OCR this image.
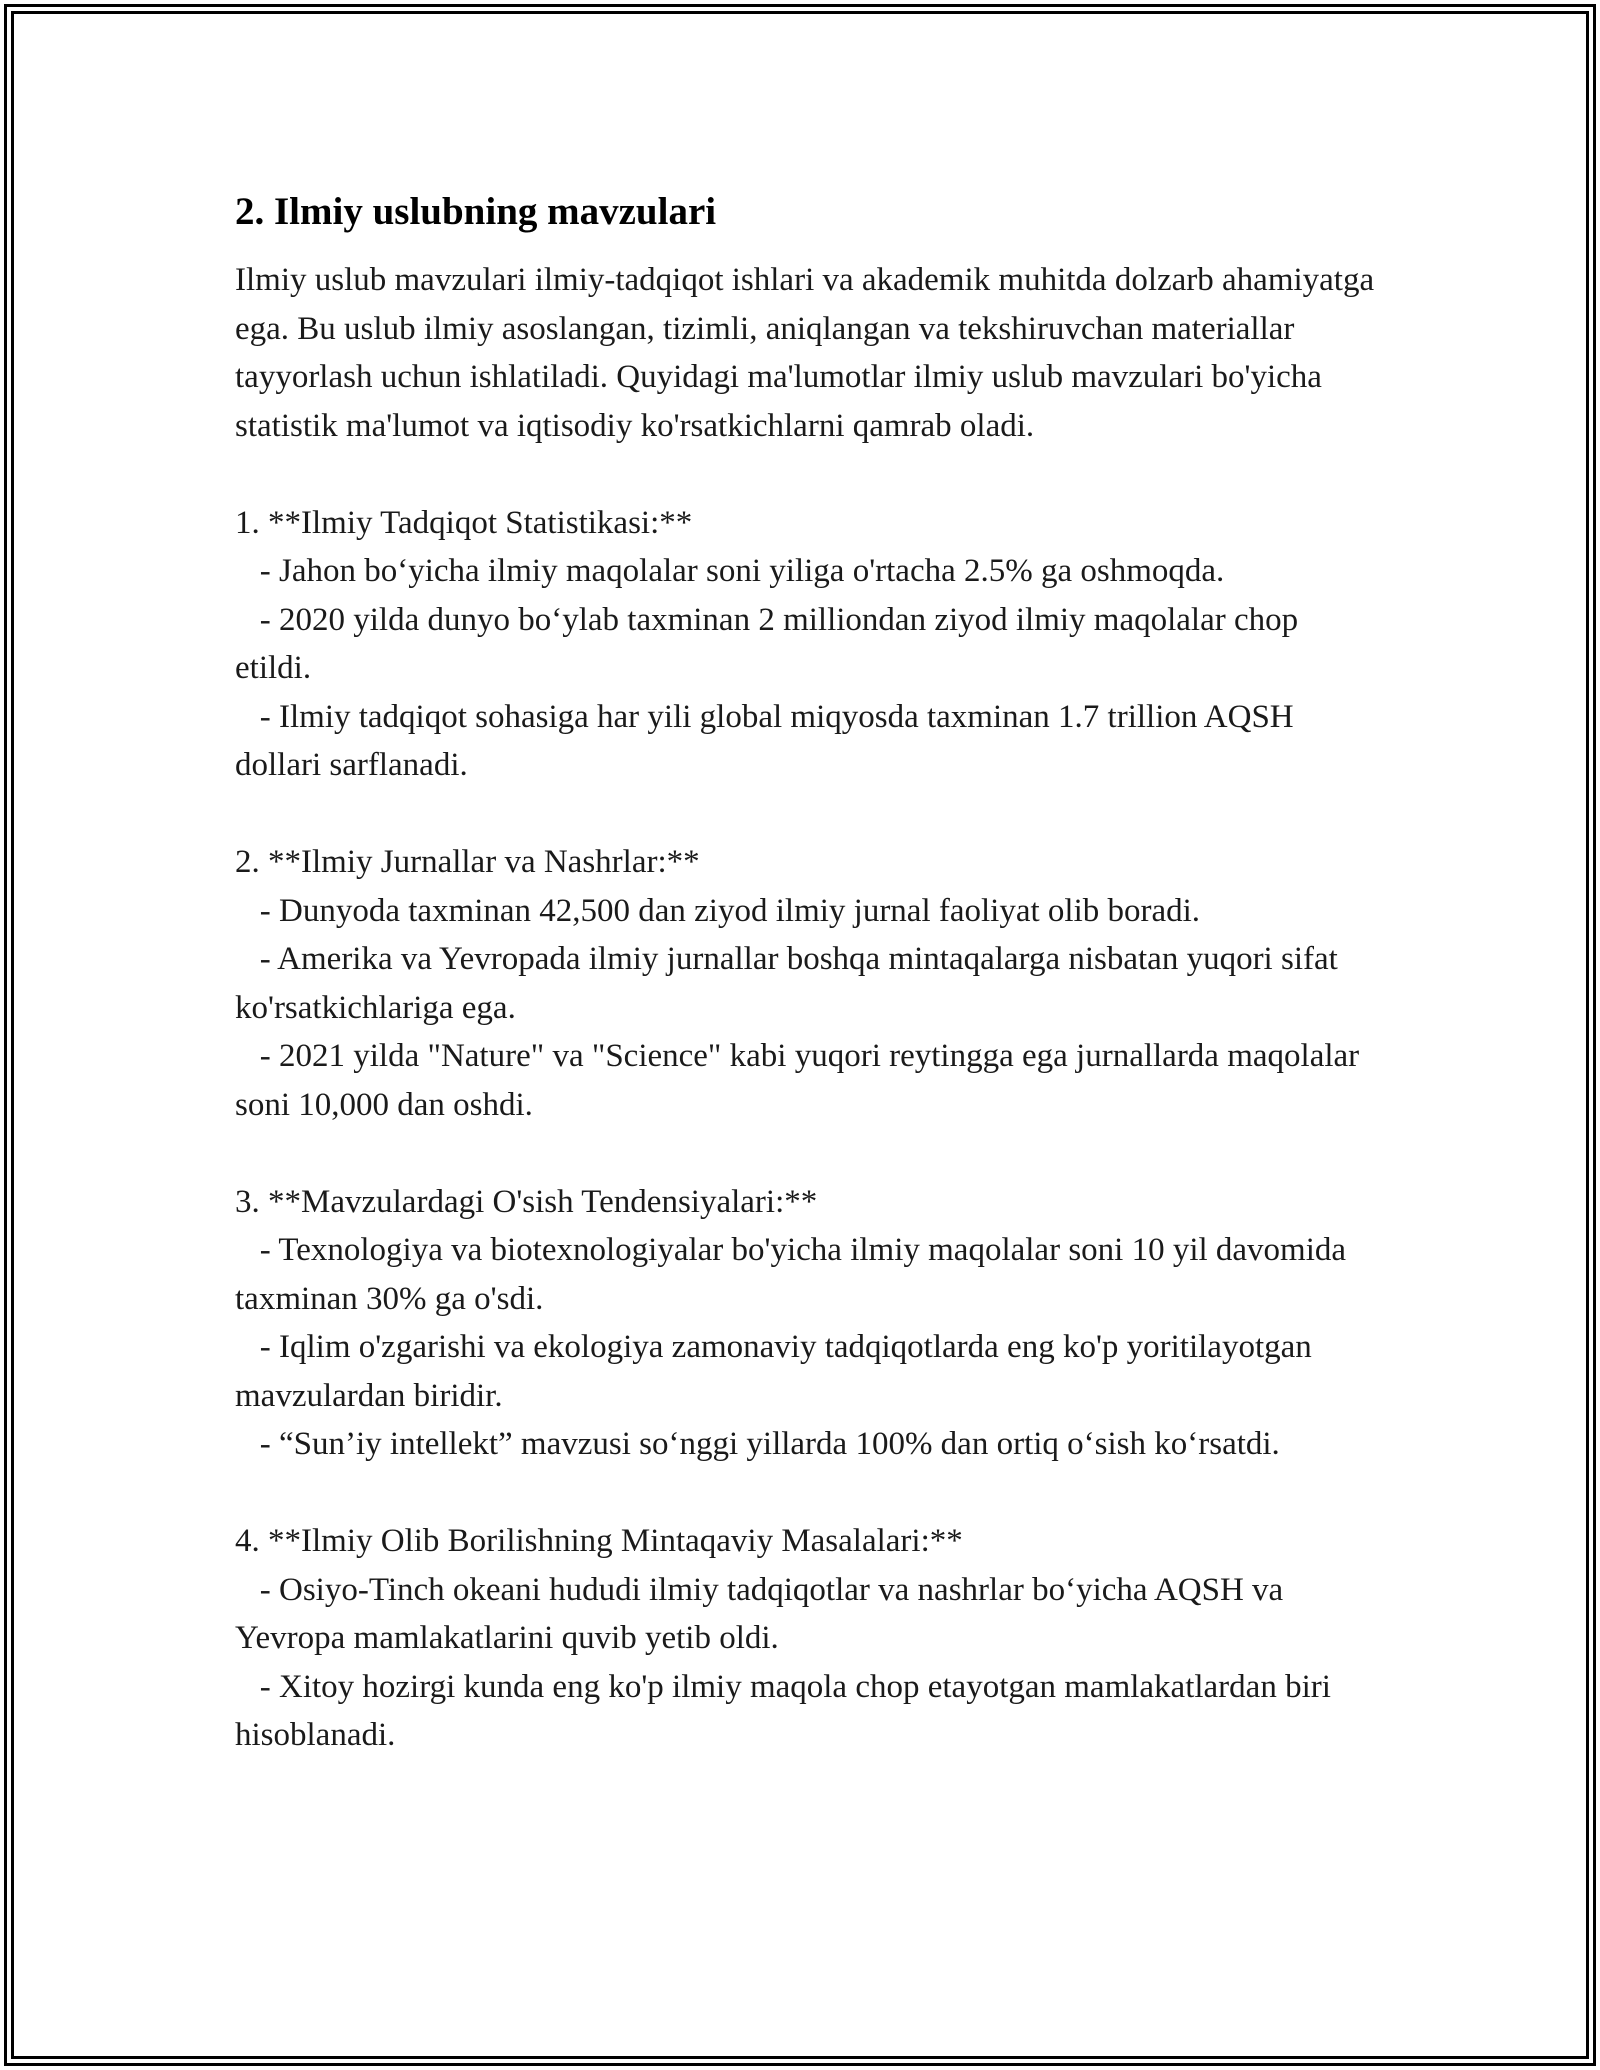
2. Ilmiy uslubning mavzulari

Ilmiy uslub mavzulari ilmiy-tadqiqot ishlari va akademik muhitda dolzarb ahamiyatga ega. Bu uslub ilmiy asoslangan, tizimli, aniqlangan va tekshiruvchan materiallar tayyorlash uchun ishlatiladi. Quyidagi ma'lumotlar ilmiy uslub mavzulari bo'yicha statistik ma'lumot va iqtisodiy ko'rsatkichlarni qamrab oladi.

1. **Ilmiy Tadqiqot Statistikasi:**
- Jahon bo‘yicha ilmiy maqolalar soni yiliga o'rtacha 2.5% ga oshmoqda.
- 2020 yilda dunyo bo‘ylab taxminan 2 milliondan ziyod ilmiy maqolalar chop etildi.
- Ilmiy tadqiqot sohasiga har yili global miqyosda taxminan 1.7 trillion AQSH dollari sarflanadi.
2. **Ilmiy Jurnallar va Nashrlar:**
- Dunyoda taxminan 42,500 dan ziyod ilmiy jurnal faoliyat olib boradi.
- Amerika va Yevropada ilmiy jurnallar boshqa mintaqalarga nisbatan yuqori sifat ko'rsatkichlariga ega.
- 2021 yilda "Nature" va "Science" kabi yuqori reytingga ega jurnallarda maqolalar soni 10,000 dan oshdi.
3. **Mavzulardagi O'sish Tendensiyalari:**
- Texnologiya va biotexnologiyalar bo'yicha ilmiy maqolalar soni 10 yil davomida taxminan 30% ga o'sdi.
- Iqlim o'zgarishi va ekologiya zamonaviy tadqiqotlarda eng ko'p yoritilayotgan mavzulardan biridir.
- “Sun’iy intellekt” mavzusi so‘nggi yillarda 100% dan ortiq o‘sish ko‘rsatdi.
4. **Ilmiy Olib Borilishning Mintaqaviy Masalalari:**
- Osiyo-Tinch okeani hududi ilmiy tadqiqotlar va nashrlar bo‘yicha AQSH va Yevropa mamlakatlarini quvib yetib oldi.
- Xitoy hozirgi kunda eng ko'p ilmiy maqola chop etayotgan mamlakatlardan biri hisoblanadi.
